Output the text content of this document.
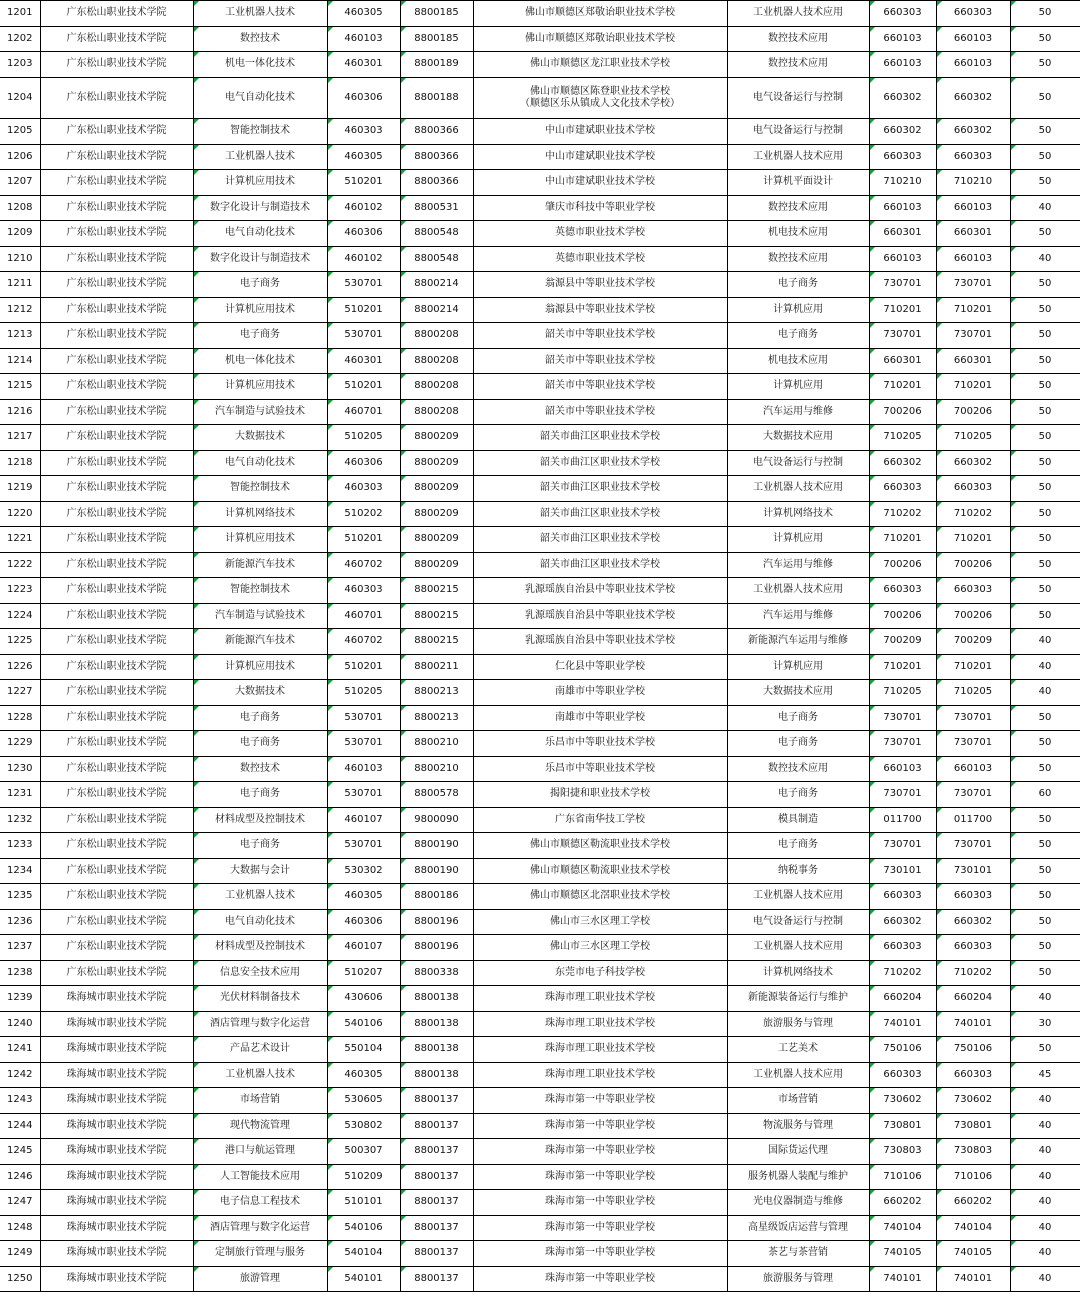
1201	广东松山职业技术学院	工业机器人技术	460305	8800185	佛山市顺德区郑敬诒职业技术学校	工业机器人技术应用	660303	660303	50
1202	广东松山职业技术学院	数控技术	460103	8800185	佛山市顺德区郑敬诒职业技术学校	数控技术应用	660103	660103	50
1203	广东松山职业技术学院	机电一体化技术	460301	8800189	佛山市顺德区龙江职业技术学校	数控技术应用	660103	660103	50
1204	广东松山职业技术学院	电气自动化技术	460306	8800188	佛山市顺德区陈登职业技术学校
（顺德区乐从镇成人文化技术学校）	电气设备运行与控制	660302	660302	50
1205	广东松山职业技术学院	智能控制技术	460303	8800366	中山市建斌职业技术学校	电气设备运行与控制	660302	660302	50
1206	广东松山职业技术学院	工业机器人技术	460305	8800366	中山市建斌职业技术学校	工业机器人技术应用	660303	660303	50
1207	广东松山职业技术学院	计算机应用技术	510201	8800366	中山市建斌职业技术学校	计算机平面设计	710210	710210	50
1208	广东松山职业技术学院	数字化设计与制造技术	460102	8800531	肇庆市科技中等职业学校	数控技术应用	660103	660103	40
1209	广东松山职业技术学院	电气自动化技术	460306	8800548	英德市职业技术学校	机电技术应用	660301	660301	50
1210	广东松山职业技术学院	数字化设计与制造技术	460102	8800548	英德市职业技术学校	数控技术应用	660103	660103	40
1211	广东松山职业技术学院	电子商务	530701	8800214	翁源县中等职业技术学校	电子商务	730701	730701	50
1212	广东松山职业技术学院	计算机应用技术	510201	8800214	翁源县中等职业技术学校	计算机应用	710201	710201	50
1213	广东松山职业技术学院	电子商务	530701	8800208	韶关市中等职业技术学校	电子商务	730701	730701	50
1214	广东松山职业技术学院	机电一体化技术	460301	8800208	韶关市中等职业技术学校	机电技术应用	660301	660301	50
1215	广东松山职业技术学院	计算机应用技术	510201	8800208	韶关市中等职业技术学校	计算机应用	710201	710201	50
1216	广东松山职业技术学院	汽车制造与试验技术	460701	8800208	韶关市中等职业技术学校	汽车运用与维修	700206	700206	50
1217	广东松山职业技术学院	大数据技术	510205	8800209	韶关市曲江区职业技术学校	大数据技术应用	710205	710205	50
1218	广东松山职业技术学院	电气自动化技术	460306	8800209	韶关市曲江区职业技术学校	电气设备运行与控制	660302	660302	50
1219	广东松山职业技术学院	智能控制技术	460303	8800209	韶关市曲江区职业技术学校	工业机器人技术应用	660303	660303	50
1220	广东松山职业技术学院	计算机网络技术	510202	8800209	韶关市曲江区职业技术学校	计算机网络技术	710202	710202	50
1221	广东松山职业技术学院	计算机应用技术	510201	8800209	韶关市曲江区职业技术学校	计算机应用	710201	710201	50
1222	广东松山职业技术学院	新能源汽车技术	460702	8800209	韶关市曲江区职业技术学校	汽车运用与维修	700206	700206	50
1223	广东松山职业技术学院	智能控制技术	460303	8800215	乳源瑶族自治县中等职业技术学校	工业机器人技术应用	660303	660303	50
1224	广东松山职业技术学院	汽车制造与试验技术	460701	8800215	乳源瑶族自治县中等职业技术学校	汽车运用与维修	700206	700206	50
1225	广东松山职业技术学院	新能源汽车技术	460702	8800215	乳源瑶族自治县中等职业技术学校	新能源汽车运用与维修	700209	700209	40
1226	广东松山职业技术学院	计算机应用技术	510201	8800211	仁化县中等职业学校	计算机应用	710201	710201	40
1227	广东松山职业技术学院	大数据技术	510205	8800213	南雄市中等职业学校	大数据技术应用	710205	710205	40
1228	广东松山职业技术学院	电子商务	530701	8800213	南雄市中等职业学校	电子商务	730701	730701	50
1229	广东松山职业技术学院	电子商务	530701	8800210	乐昌市中等职业技术学校	电子商务	730701	730701	50
1230	广东松山职业技术学院	数控技术	460103	8800210	乐昌市中等职业技术学校	数控技术应用	660103	660103	50
1231	广东松山职业技术学院	电子商务	530701	8800578	揭阳捷和职业技术学校	电子商务	730701	730701	60
1232	广东松山职业技术学院	材料成型及控制技术	460107	9800090	广东省南华技工学校	模具制造	011700	011700	50
1233	广东松山职业技术学院	电子商务	530701	8800190	佛山市顺德区勒流职业技术学校	电子商务	730701	730701	50
1234	广东松山职业技术学院	大数据与会计	530302	8800190	佛山市顺德区勒流职业技术学校	纳税事务	730101	730101	50
1235	广东松山职业技术学院	工业机器人技术	460305	8800186	佛山市顺德区北滘职业技术学校	工业机器人技术应用	660303	660303	50
1236	广东松山职业技术学院	电气自动化技术	460306	8800196	佛山市三水区理工学校	电气设备运行与控制	660302	660302	50
1237	广东松山职业技术学院	材料成型及控制技术	460107	8800196	佛山市三水区理工学校	工业机器人技术应用	660303	660303	50
1238	广东松山职业技术学院	信息安全技术应用	510207	8800338	东莞市电子科技学校	计算机网络技术	710202	710202	50
1239	珠海城市职业技术学院	光伏材料制备技术	430606	8800138	珠海市理工职业技术学校	新能源装备运行与维护	660204	660204	40
1240	珠海城市职业技术学院	酒店管理与数字化运营	540106	8800138	珠海市理工职业技术学校	旅游服务与管理	740101	740101	30
1241	珠海城市职业技术学院	产品艺术设计	550104	8800138	珠海市理工职业技术学校	工艺美术	750106	750106	50
1242	珠海城市职业技术学院	工业机器人技术	460305	8800138	珠海市理工职业技术学校	工业机器人技术应用	660303	660303	45
1243	珠海城市职业技术学院	市场营销	530605	8800137	珠海市第一中等职业学校	市场营销	730602	730602	40
1244	珠海城市职业技术学院	现代物流管理	530802	8800137	珠海市第一中等职业学校	物流服务与管理	730801	730801	40
1245	珠海城市职业技术学院	港口与航运管理	500307	8800137	珠海市第一中等职业学校	国际货运代理	730803	730803	40
1246	珠海城市职业技术学院	人工智能技术应用	510209	8800137	珠海市第一中等职业学校	服务机器人装配与维护	710106	710106	40
1247	珠海城市职业技术学院	电子信息工程技术	510101	8800137	珠海市第一中等职业学校	光电仪器制造与维修	660202	660202	40
1248	珠海城市职业技术学院	酒店管理与数字化运营	540106	8800137	珠海市第一中等职业学校	高星级饭店运营与管理	740104	740104	40
1249	珠海城市职业技术学院	定制旅行管理与服务	540104	8800137	珠海市第一中等职业学校	茶艺与茶营销	740105	740105	40
1250	珠海城市职业技术学院	旅游管理	540101	8800137	珠海市第一中等职业学校	旅游服务与管理	740101	740101	40
